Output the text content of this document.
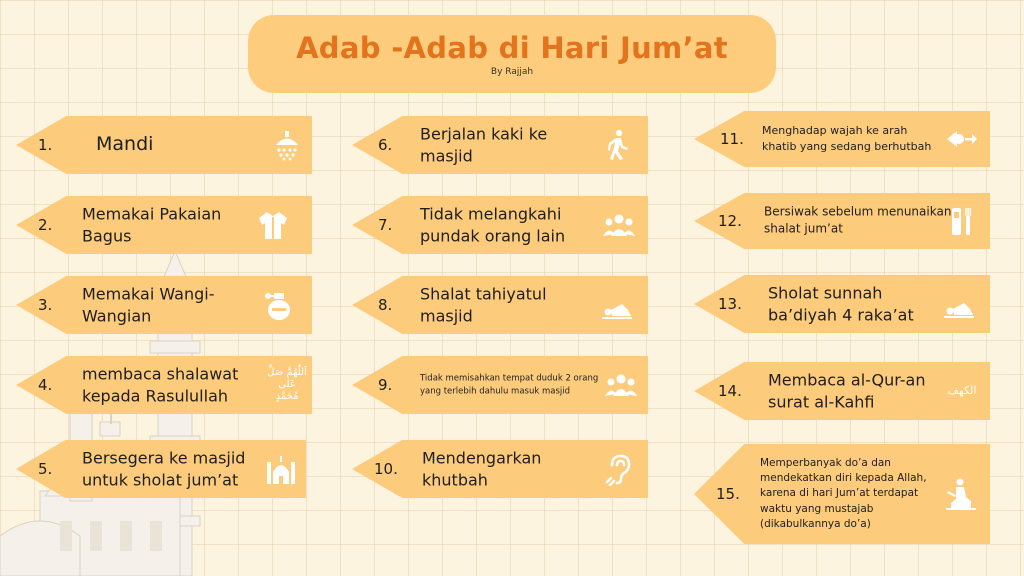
Adab -Adab di Hari Jum’at
By Rajjah
1. Mandi
2.
Memakai Pakaian Bagus
3.
Memakai Wangi-Wangian
4.
membaca shalawat kepada Rasulullah
اَللّٰهُمَّ صَلِّ عَلٰى مُحَمَّدٍ
5.
Bersegera ke masjid untuk sholat jum’at
6.
Berjalan kaki ke masjid
7.
Tidak melangkahi pundak orang lain
8.
Shalat tahiyatul masjid
9.	Tidak memisahkan tempat duduk 2 orang yang terlebih dahulu masuk masjid
10.
Mendengarkan khutbah
11. Menghadap wajah ke arah khatib yang sedang berhutbah
12.
Bersiwak sebelum menunaikan shalat jum’at
13.
Sholat sunnah ba’diyah 4 raka’at
14.
Membaca al-Qur-an surat al-Kahfi
الكهف
15.
Memperbanyak do’a dan mendekatkan diri kepada Allah, karena di hari Jum’at terdapat waktu yang mustajab (dikabulkannya do’a)
